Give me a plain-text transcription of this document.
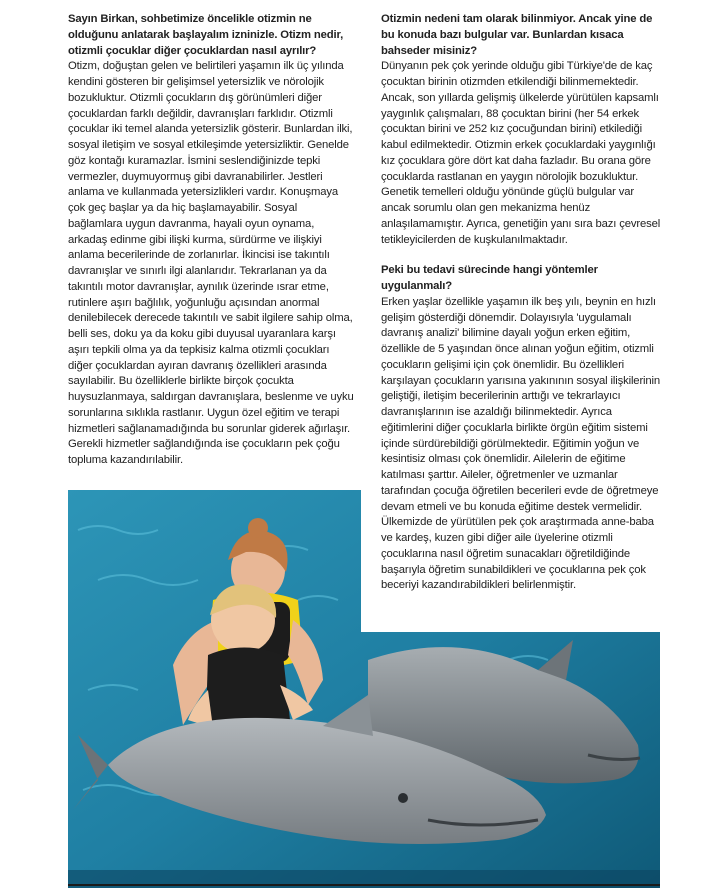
Sayın Birkan, sohbetimize öncelikle otizmin ne olduğunu anlatarak başlayalım izninizle. Otizm nedir, otizmli çocuklar diğer çocuklardan nasıl ayrılır?

Otizm, doğuştan gelen ve belirtileri yaşamın ilk üç yılında kendini gösteren bir gelişimsel yetersizlik ve nörolojik bozukluktur. Otizmli çocukların dış görünümleri diğer çocuklardan farklı değildir, davranışları farklıdır. Otizmli çocuklar iki temel alanda yetersizlik gösterir. Bunlardan ilki, sosyal iletişim ve sosyal etkileşimde yetersizliktir. Genelde göz kontağı kuramazlar. İsmini seslendiğinizde tepki vermezler, duymuyormuş gibi davranabilirler. Jestleri anlama ve kullanmada yetersizlikleri vardır. Konuşmaya çok geç başlar ya da hiç başlamayabilir. Sosyal bağlamlara uygun davranma, hayali oyun oynama, arkadaş edinme gibi ilişki kurma, sürdürme ve ilişkiyi anlama becerilerinde de zorlanırlar. İkincisi ise takıntılı davranışlar ve sınırlı ilgi alanlarıdır. Tekrarlanan ya da takıntılı motor davranışlar, aynılık üzerinde ısrar etme, rutinlere aşırı bağlılık, yoğunluğu açısından anormal denilebilecek derecede takıntılı ve sabit ilgilere sahip olma, belli ses, doku ya da koku gibi duyusal uyaranlara karşı aşırı tepkili olma ya da tepkisiz kalma otizmli çocukları diğer çocuklardan ayıran davranış özellikleri arasında sayılabilir. Bu özelliklerle birlikte birçok çocukta huysuzlanmaya, saldırgan davranışlara, beslenme ve uyku sorunlarına sıklıkla rastlanır. Uygun özel eğitim ve terapi hizmetleri sağlanamadığında bu sorunlar giderek ağırlaşır. Gerekli hizmetler sağlandığında ise çocukların pek çoğu topluma kazandırılabilir.

Otizmin nedeni tam olarak bilinmiyor. Ancak yine de bu konuda bazı bulgular var. Bunlardan kısaca bahseder misiniz?

Dünyanın pek çok yerinde olduğu gibi Türkiye'de de kaç çocuktan birinin otizmden etkilendiği bilinmemektedir. Ancak, son yıllarda gelişmiş ülkelerde yürütülen kapsamlı yaygınlık çalışmaları, 88 çocuktan birini (her 54 erkek çocuktan birini ve 252 kız çocuğundan birini) etkilediği kabul edilmektedir. Otizmin erkek çocuklardaki yaygınlığı kız çocuklara göre dört kat daha fazladır. Bu orana göre çocuklarda rastlanan en yaygın nörolojik bozukluktur. Genetik temelleri olduğu yönünde güçlü bulgular var ancak sorumlu olan gen mekanizma henüz anlaşılamamıştır. Ayrıca, genetiğin yanı sıra bazı çevresel tetikleyicilerden de kuşkulanılmaktadır.

Peki bu tedavi sürecinde hangi yöntemler uygulanmalı?

Erken yaşlar özellikle yaşamın ilk beş yılı, beynin en hızlı gelişim gösterdiği dönemdir. Dolayısıyla 'uygulamalı davranış analizi' bilimine dayalı yoğun erken eğitim, özellikle de 5 yaşından önce alınan yoğun eğitim, otizmli çocukların gelişimi için çok önemlidir. Bu özellikleri karşılayan çocukların yarısına yakınının sosyal ilişkilerinin geliştiği, iletişim becerilerinin arttığı ve tekrarlayıcı davranışlarının ise azaldığı bilinmektedir. Ayrıca eğitimlerini diğer çocuklarla birlikte örgün eğitim sistemi içinde sürdürebildiği görülmektedir. Eğitimin yoğun ve kesintisiz olması çok önemlidir. Ailelerin de eğitime katılması şarttır. Aileler, öğretmenler ve uzmanlar tarafından çocuğa öğretilen becerileri evde de öğretmeye devam etmeli ve bu konuda eğitime destek vermelidir. Ülkemizde de yürütülen pek çok araştırmada anne-baba ve kardeş, kuzen gibi diğer aile üyelerine otizmli çocuklarına nasıl öğretim sunacakları öğretildiğinde başarıyla öğretim sunabildikleri ve çocuklarına pek çok beceriyi kazandırabildikleri belirlenmiştir.
